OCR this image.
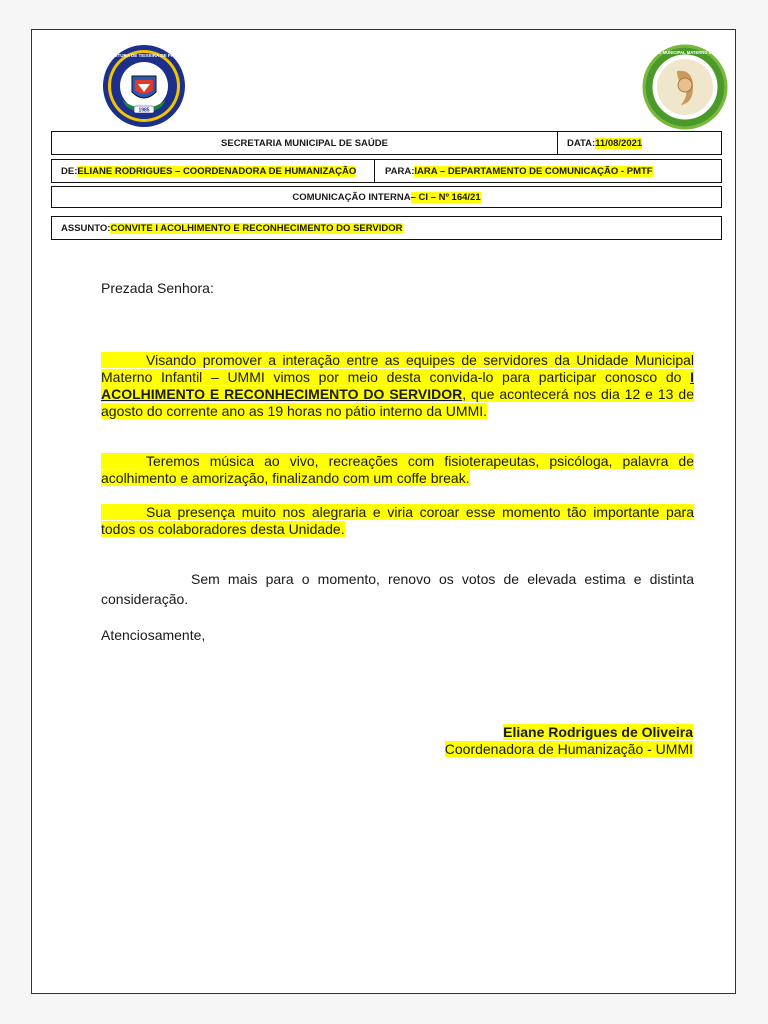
1985
PREFEITURA DE TEIXEIRA DE FREITAS
UNIDADE MUNICIPAL MATERNO INFANTIL
SECRETARIA MUNICIPAL DE SAÚDE	DATA: 11/08/2021
DE: ELIANE RODRIGUES – COORDENADORA DE HUMANIZAÇÃO	PARA: IARA – DEPARTAMENTO DE COMUNICAÇÃO - PMTF
COMUNICAÇÃO INTERNA – CI – Nº 164/21
ASSUNTO: CONVITE I ACOLHIMENTO E RECONHECIMENTO DO SERVIDOR
Prezada Senhora:
Visando promover a interação entre as equipes de servidores da Unidade Municipal Materno Infantil – UMMI vimos por meio desta convida-lo para participar conosco do I ACOLHIMENTO E RECONHECIMENTO DO SERVIDOR, que acontecerá nos dia 12 e 13 de agosto do corrente ano as 19 horas no pátio interno da UMMI.
Teremos música ao vivo, recreações com fisioterapeutas, psicóloga, palavra de acolhimento e amorização, finalizando com um coffe break.
Sua presença muito nos alegraria e viria coroar esse momento tão importante para todos os colaboradores desta Unidade.
Sem mais para o momento, renovo os votos de elevada estima e distinta consideração.
Atenciosamente,
Eliane Rodrigues de Oliveira
Coordenadora de Humanização - UMMI
